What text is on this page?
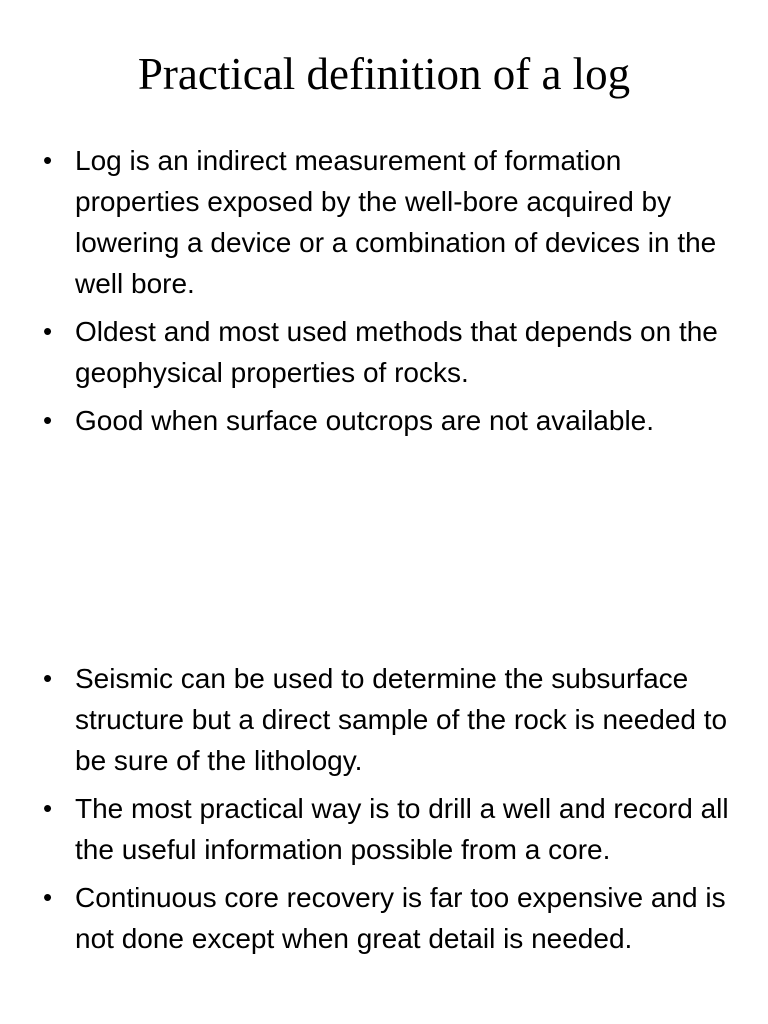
Practical definition of a log
• Log is an indirect measurement of formation properties exposed by the well-bore acquired by lowering a device or a combination of devices in the well bore.
• Oldest and most used methods that depends on the geophysical properties of rocks.
• Good when surface outcrops are not available.
• Seismic can be used to determine the subsurface structure but a direct sample of the rock is needed to be sure of the lithology.
• The most practical way is to drill a well and record all the useful information possible from a core.
• Continuous core recovery is far too expensive and is not done except when great detail is needed.
